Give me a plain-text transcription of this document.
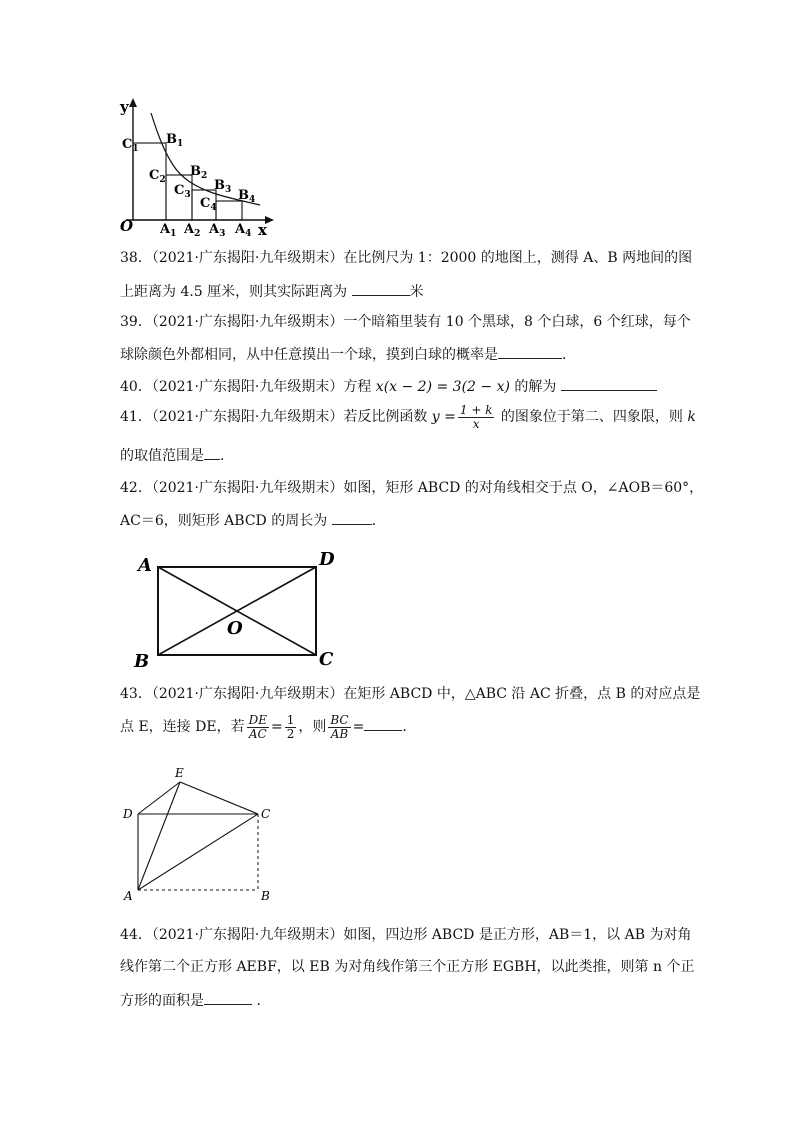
y
x
O
$C_1$
$C_2$
$C_3$
$C_4$
$B_1$
$B_2$
$B_3$ $B_4$
$A_1$ $A_2$ $A_3$ $A_4$
38．（2021·广东揭阳·九年级期末）在比例尺为 1：2000 的地图上，测得 A、B 两地间的图
上距离为 4.5 厘米，则其实际距离为	米
39．（2021·广东揭阳·九年级期末）一个暗箱里装有 10 个黑球，8 个白球，6 个红球，每个
球除颜色外都相同，从中任意摸出一个球，摸到白球的概率是	.
40．（2021·广东揭阳·九年级期末）方程 x(x − 2) = 3(2 − x) 的解为
41．（2021·广东揭阳·九年级期末）若反比例函数 $y = \frac{1 + k}{x}$ 的图象位于第二、四象限，则 k
的取值范围是 .
42．（2021·广东揭阳·九年级期末）如图，矩形 ABCD 的对角线相交于点 O，∠AOB＝60°，
AC＝6，则矩形 ABCD 的周长为	.
A	D
B	C
O
43．（2021·广东揭阳·九年级期末）在矩形 ABCD 中，△ABC 沿 AC 折叠，点 B 的对应点是
点 E，连接 DE，若 $\frac{DE}{AC} = \frac{1}{2}$ ，则 $\frac{BC}{AB}$ =	.
E
D	C
A	B
44．（2021·广东揭阳·九年级期末）如图，四边形 ABCD 是正方形，AB＝1，以 AB 为对角
线作第二个正方形 AEBF，以 EB 为对角线作第三个正方形 EGBH，以此类推，则第 n 个正
方形的面积是	.
